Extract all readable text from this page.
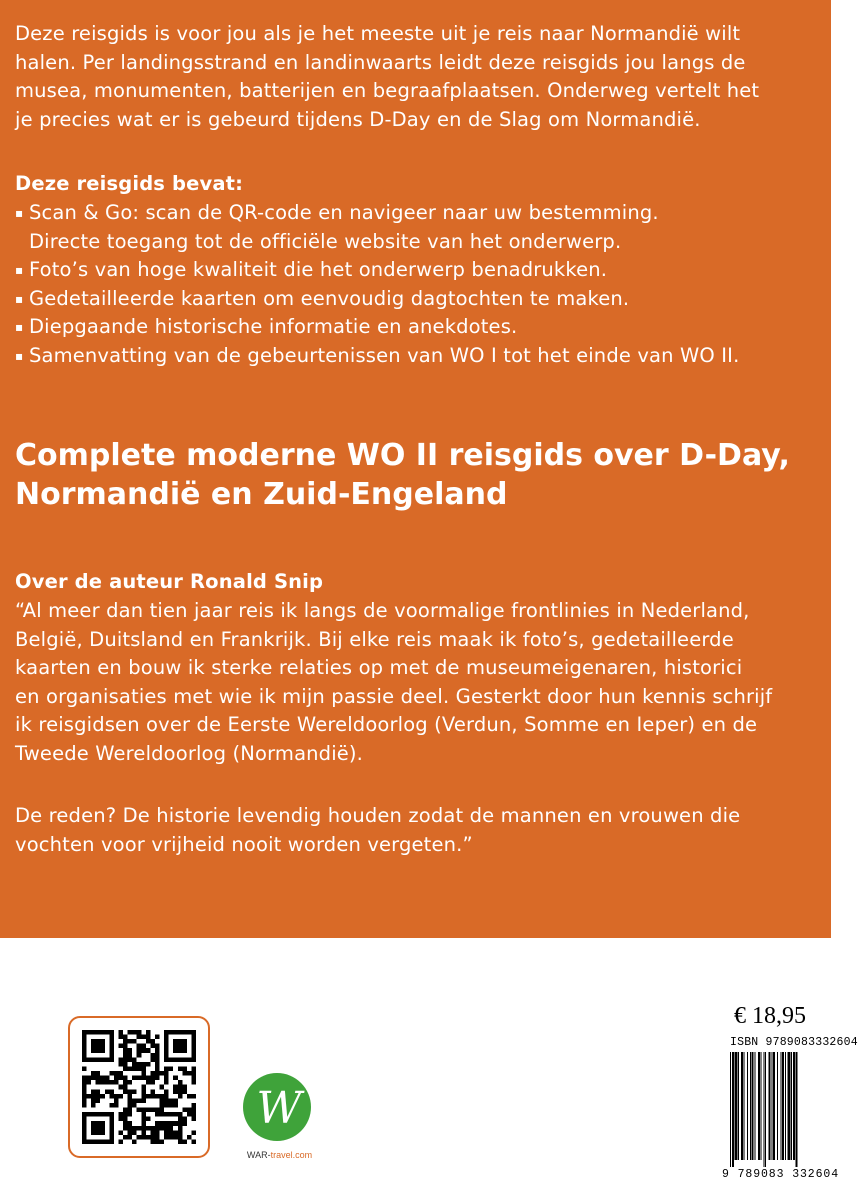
Deze reisgids is voor jou als je het meeste uit je reis naar Normandië wilt
halen. Per landingsstrand en landinwaarts leidt deze reisgids jou langs de
musea, monumenten, batterijen en begraafplaatsen. Onderweg vertelt het
je precies wat er is gebeurd tijdens D-Day en de Slag om Normandië.

Deze reisgids bevat:

▪ Scan & Go: scan de QR-code en navigeer naar uw bestemming.
Directe toegang tot de officiële website van het onderwerp.
▪ Foto’s van hoge kwaliteit die het onderwerp benadrukken.
▪ Gedetailleerde kaarten om eenvoudig dagtochten te maken.
▪ Diepgaande historische informatie en anekdotes.
▪ Samenvatting van de gebeurtenissen van WO I tot het einde van WO II.
Complete moderne WO II reisgids over D-Day,
Normandië en Zuid-Engeland

Over de auteur Ronald Snip

“Al meer dan tien jaar reis ik langs de voormalige frontlinies in Nederland,
België, Duitsland en Frankrijk. Bij elke reis maak ik foto’s, gedetailleerde
kaarten en bouw ik sterke relaties op met de museumeigenaren, historici
en organisaties met wie ik mijn passie deel. Gesterkt door hun kennis schrijf
ik reisgidsen over de Eerste Wereldoorlog (Verdun, Somme en Ieper) en de
Tweede Wereldoorlog (Normandië).

De reden? De historie levendig houden zodat de mannen en vrouwen die
vochten voor vrijheid nooit worden vergeten.”

W
WAR-travel.com
€ 18,95
ISBN 9789083332604
9 789083 332604
